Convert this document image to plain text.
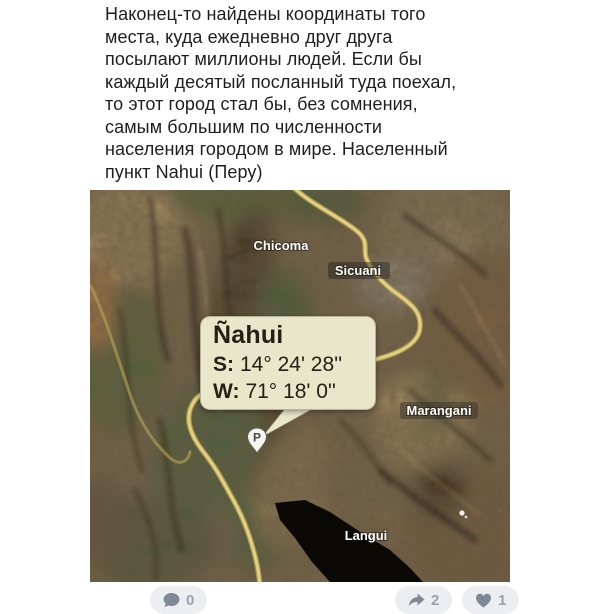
Наконец-то найдены координаты того
места, куда ежедневно друг друга
посылают миллионы людей. Если бы
каждый десятый посланный туда поехал,
то этот город стал бы, без сомнения,
самым большим по численности
населения городом в мире. Населенный
пункт Nahui (Перу)
Chicoma
Sicuani
Marangani
Langui
P
Ñahui
S: 14° 24' 28''
W: 71° 18' 0''
0	2	1
